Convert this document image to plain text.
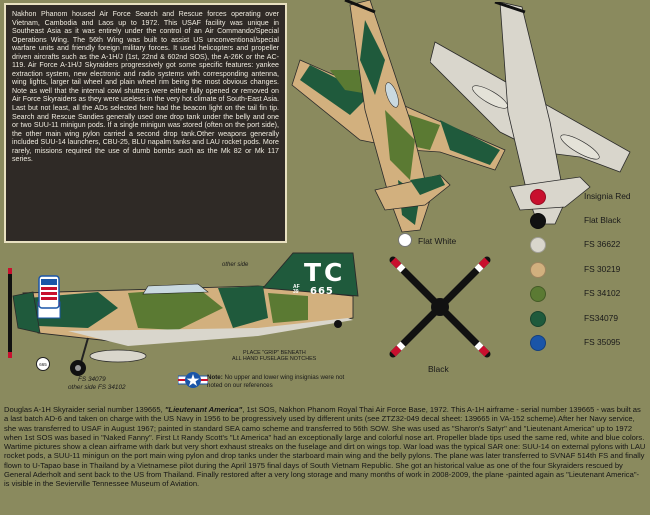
Nakhon Phanom housed Air Force Search and Rescue forces operating over Vietnam, Cambodia and Laos up to 1972. This USAF facility was unique in Southeast Asia as it was entirely under the control of an Air Commando/Special Operations Wing. The 56th Wing was built to assist US unconventional/special warfare units and friendly foreign military forces. It used helicopters and propeller driven aircrafts such as the A-1H/J (1st, 22nd & 602nd SOS), the A-26K or the AC-119. Air Force A-1H/J Skyraiders progressively got some specific features: yankee extraction system, new electronic and radio systems with corresponding antenna, wing lights, larger tail wheel and plain wheel rim being the most obvious changes. Note as well that the internal cowl shutters were either fully opened or removed on Air Force Skyraiders as they were useless in the very hot climate of South-East Asia. Last but not least, all the ADs selected here had the beacon light on the tail fin tip. Search and Rescue Sandies generally used one drop tank under the belly and one or two SUU-11 minigun pods. If a single minigun was stored (often on the port side), the other main wing pylon carried a second drop tank.Other weapons generally included SUU-14 launchers, CBU-25, BLU napalm tanks and LAU rocket pods. More rarely, missions required the use of dumb bombs such as the Mk 82 or Mk 117 series.

Flat White
Black
TC
AF
39 665
other side
FS 34079
other side FS 34102
665
PLACE "GRIP" BENEATH
ALL HAND FUSELAGE NOTCHES
Note: No upper and lower wing insignias were not noted on our references
Insignia Red
Flat Black
FS 36622
FS 30219
FS 34102
FS34079
FS 35095
Douglas A-1H Skyraider serial number 139665, "Lieutenant America", 1st SOS, Nakhon Phanom Royal Thai Air Force Base, 1972. This A-1H airframe - serial number 139665 - was built as a last batch AD-6 and taken on charge with the US Navy in 1956 to be progressively used by different units (see ZTZ32-049 decal sheet: 139665 in VA-152 scheme).After her Navy service, she was transferred to USAF in August 1967; painted in standard SEA camo scheme and transferred to 56th SOW. She was used as "Sharon's Satyr" and "Lieutenant America" up to 1972 when 1st SOS was based in "Naked Fanny". First Lt Randy Scott's "Lt America" had an exceptionally large and colorful nose art. Propeller blade tips used the same red, white and blue colors. Wartime pictures show a clean airframe with dark but very short exhaust streaks on the fuselage and dirt on wings top. War load was the typical SAR one: SUU-14 on external pylons with LAU rocket pods, a SUU-11 minigun on the port main wing pylon and drop tanks under the starboard main wing and the belly pylons. The plane was later transferred to SVNAF 514th FS and finally flown to U-Tapao base in Thailand by a Vietnamese pilot during the April 1975 final days of South Vietnam Republic. She got an historical value as one of the four Skyraiders rescued by General Aderholt and sent back to the US from Thailand. Finally restored after a very long storage and many months of work in 2008-2009, the plane -painted again as "Lieutenant America"- is visible in the Sevierville Tennessee Museum of Aviation.
